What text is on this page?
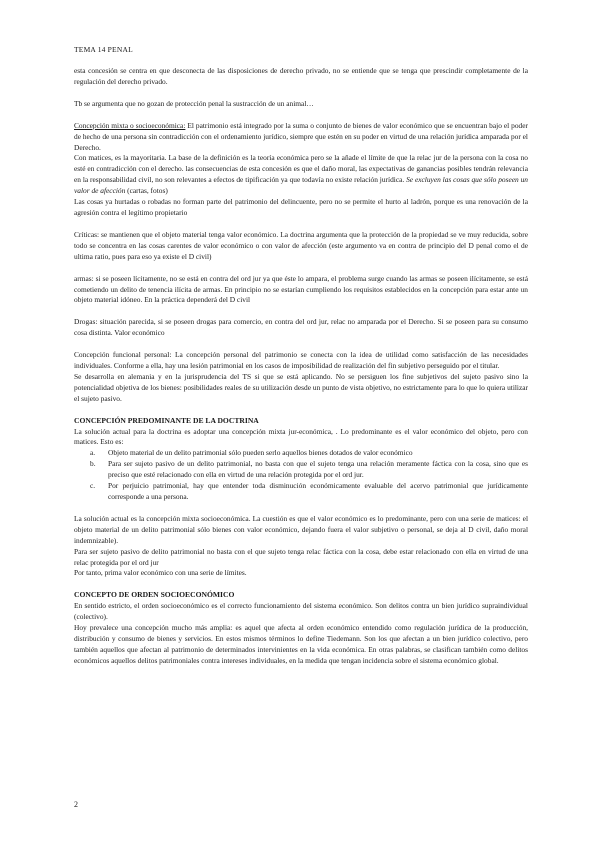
TEMA 14 PENAL

esta concesión se centra en que desconecta de las disposiciones de derecho privado, no se entiende que se tenga que prescindir completamente de la regulación del derecho privado.

Tb se argumenta que no gozan de protección penal la sustracción de un animal…

Concepción mixta o socioeconómica: El patrimonio está integrado por la suma o conjunto de bienes de valor económico que se encuentran bajo el poder de hecho de una persona sin contradicción con el ordenamiento jurídico, siempre que estén en su poder en virtud de una relación jurídica amparada por el Derecho.

Con matices, es la mayoritaria. La base de la definición es la teoría económica pero se la añade el límite de que la relac jur de la persona con la cosa no esté en contradicción con el derecho. las consecuencias de esta concesión es que el daño moral, las expectativas de ganancias posibles tendrán relevancia en la responsabilidad civil, no son relevantes a efectos de tipificación ya que todavía no existe relación jurídica. Se excluyen las cosas que sólo poseen un valor de afección (cartas, fotos)

Las cosas ya hurtadas o robadas no forman parte del patrimonio del delincuente, pero no se permite el hurto al ladrón, porque es una renovación de la agresión contra el legítimo propietario

Críticas: se mantienen que el objeto material tenga valor económico. La doctrina argumenta que la protección de la propiedad se ve muy reducida, sobre todo se concentra en las cosas carentes de valor económico o con valor de afección (este argumento va en contra de principio del D penal como el de ultima ratio, pues para eso ya existe el D civil)

armas: si se poseen lícitamente, no se está en contra del ord jur ya que éste lo ampara, el problema surge cuando las armas se poseen ilícitamente, se está cometiendo un delito de tenencia ilícita de armas. En principio no se estarían cumpliendo los requisitos establecidos en la concepción para estar ante un objeto material idóneo. En la práctica dependerá del D civil

Drogas: situación parecida, si se poseen drogas para comercio, en contra del ord jur, relac no amparada por el Derecho. Si se poseen para su consumo cosa distinta. Valor económico

Concepción funcional personal: La concepción personal del patrimonio se conecta con la idea de utilidad como satisfacción de las necesidades individuales. Conforme a ella, hay una lesión patrimonial en los casos de imposibilidad de realización del fin subjetivo perseguido por el titular.

Se desarrolla en alemania y en la jurisprudencia del TS si que se está aplicando. No se persiguen los fine subjetivos del sujeto pasivo sino la potencialidad objetiva de los bienes: posibilidades reales de su utilización desde un punto de vista objetivo, no estrictamente para lo que lo quiera utilizar el sujeto pasivo.

CONCEPCIÓN PREDOMINANTE DE LA DOCTRINA

La solución actual para la doctrina es adoptar una concepción mixta jur-económica, . Lo predominante es el valor económico del objeto, pero con matices. Esto es:

a. Objeto material de un delito patrimonial sólo pueden serlo aquellos bienes dotados de valor económico
b. Para ser sujeto pasivo de un delito patrimonial, no basta con que el sujeto tenga una relación meramente fáctica con la cosa, sino que es preciso que esté relacionado con ella en virtud de una relación protegida por el ord jur.
c. Por perjuicio patrimonial, hay que entender toda disminución económicamente evaluable del acervo patrimonial que jurídicamente corresponde a una persona.

La solución actual es la concepción mixta socioeconómica. La cuestión es que el valor económico es lo predominante, pero con una serie de matices: el objeto material de un delito patrimonial sólo bienes con valor económico, dejando fuera el valor subjetivo o personal, se deja al D civil, daño moral indemnizable).

Para ser sujeto pasivo de delito patrimonial no basta con el que sujeto tenga relac fáctica con la cosa, debe estar relacionado con ella en virtud de una relac protegida por el ord jur

Por tanto, prima valor económico con una serie de límites.

CONCEPTO DE ORDEN SOCIOECONÓMICO

En sentido estricto, el orden socioeconómico es el correcto funcionamiento del sistema económico. Son delitos contra un bien jurídico supraindividual (colectivo).

Hoy prevalece una concepción mucho más amplia: es aquel que afecta al orden económico entendido como regulación jurídica de la producción, distribución y consumo de bienes y servicios. En estos mismos términos lo define Tiedemann. Son los que afectan a un bien jurídico colectivo, pero también aquellos que afectan al patrimonio de determinados intervinientes en la vida económica. En otras palabras, se clasifican también como delitos económicos aquellos delitos patrimoniales contra intereses individuales, en la medida que tengan incidencia sobre el sistema económico global.

2
